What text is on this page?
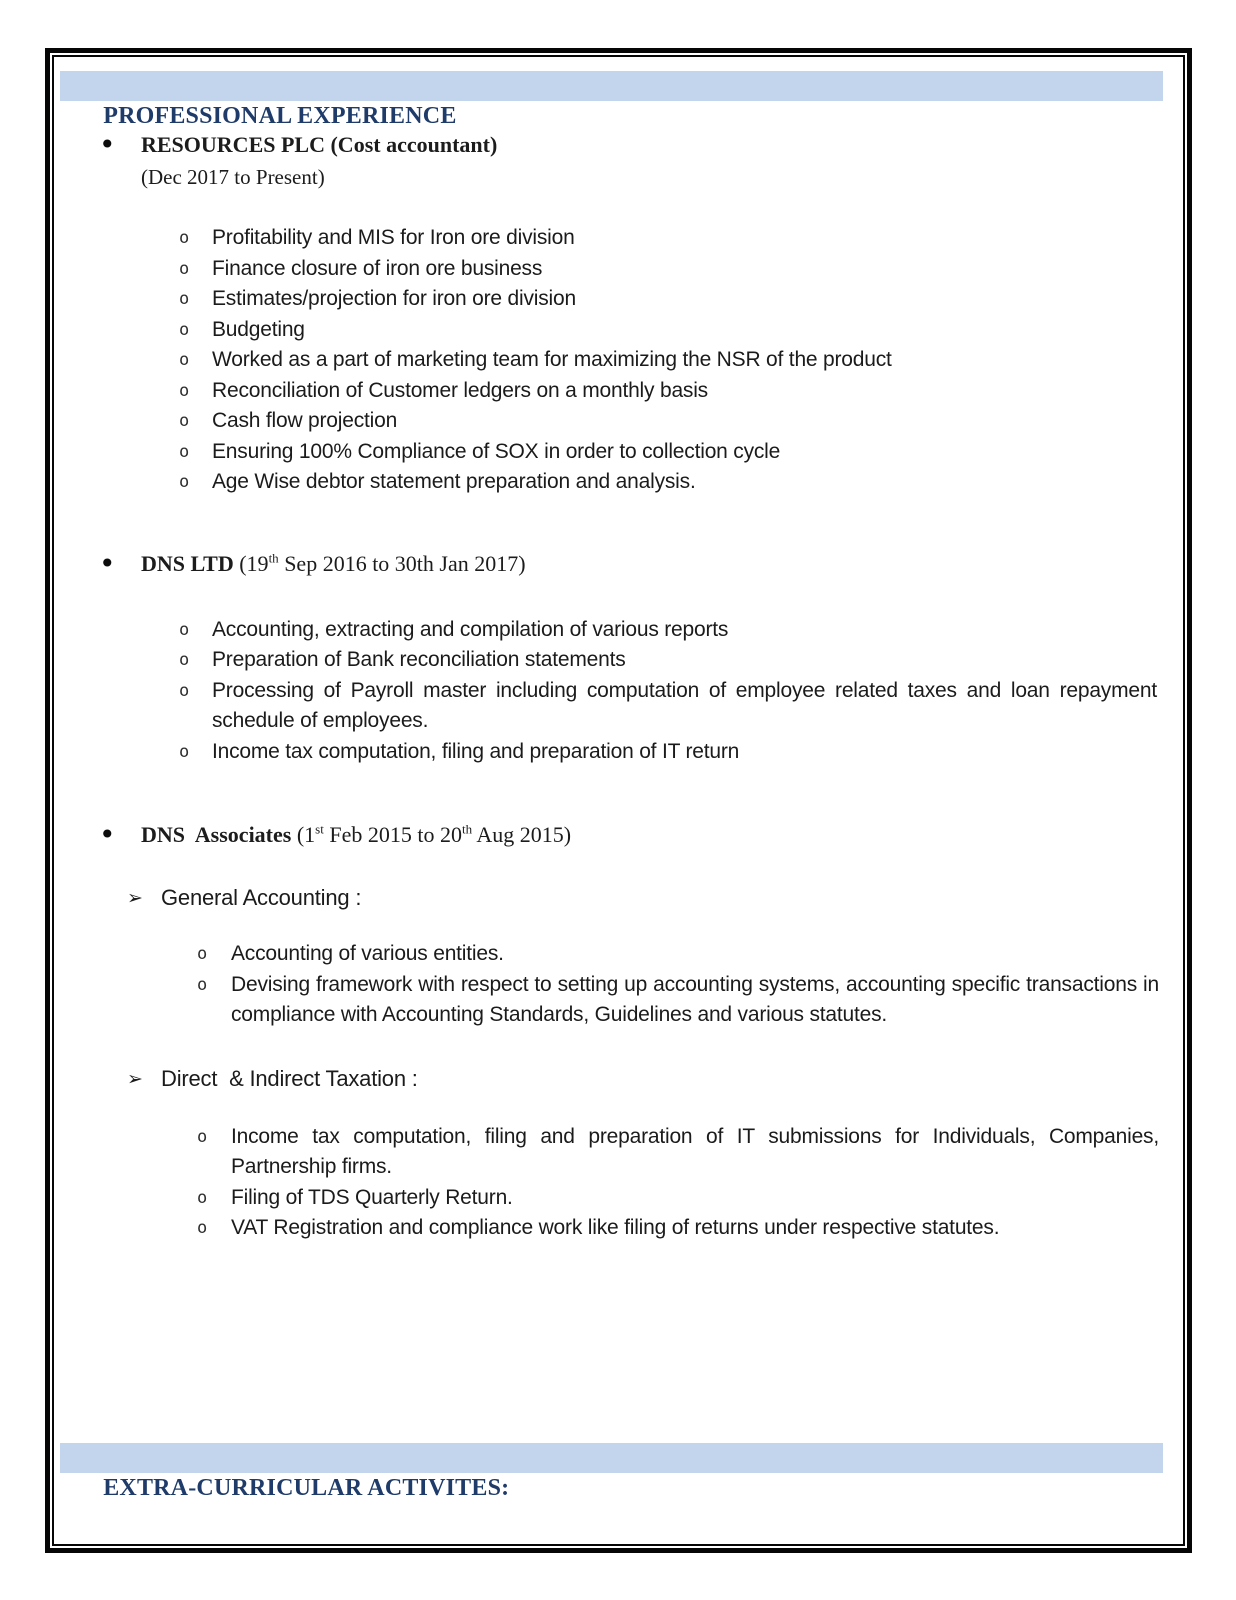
PROFESSIONAL EXPERIENCE

•	RESOURCES PLC (Cost accountant)
(Dec 2017 to Present)
o	Profitability and MIS for Iron ore division
o	Finance closure of iron ore business
o	Estimates/projection for iron ore division
o	Budgeting
o	Worked as a part of marketing team for maximizing the NSR of the product
o	Reconciliation of Customer ledgers on a monthly basis
o	Cash flow projection
o	Ensuring 100% Compliance of SOX in order to collection cycle
o	Age Wise debtor statement preparation and analysis.
•	DNS LTD (19th Sep 2016 to 30th Jan 2017)
o	Accounting, extracting and compilation of various reports
o	Preparation of Bank reconciliation statements
o	Processing of Payroll master including computation of employee related taxes and loan repayment schedule of employees.
o	Income tax computation, filing and preparation of IT return
•	DNS  Associates (1st Feb 2015 to 20th Aug 2015)
➢ General Accounting :
o	Accounting of various entities.
o	Devising framework with respect to setting up accounting systems, accounting specific transactions in compliance with Accounting Standards, Guidelines and various statutes.
➢ Direct  & Indirect Taxation :
o	Income tax computation, filing and preparation of IT submissions for Individuals, Companies, Partnership firms.
o	Filing of TDS Quarterly Return.
o	VAT Registration and compliance work like filing of returns under respective statutes.

EXTRA-CURRICULAR ACTIVITES:
